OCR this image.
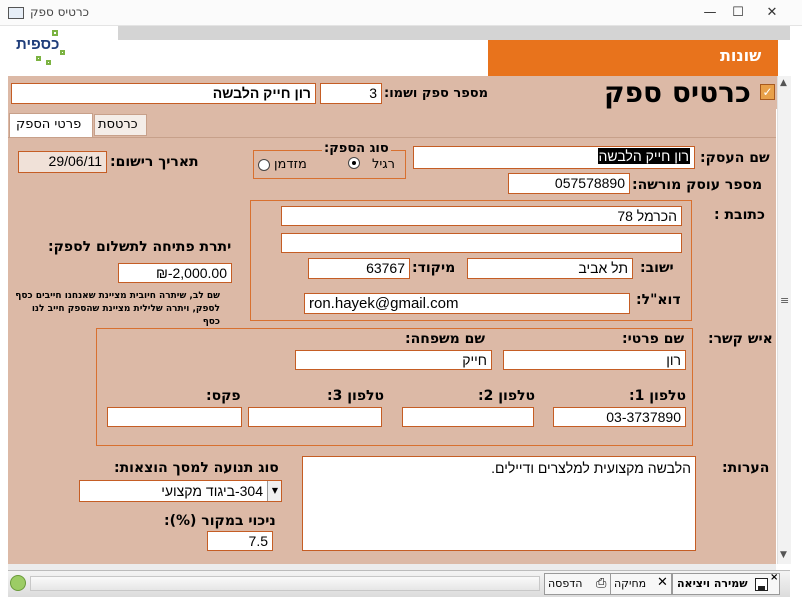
כרטיס ספק	—	☐	✕
כספית
שונות
▲
≡
▼
✓
כרטיס ספק
מספר ספק ושמו:
3
רון חייק הלבשה
פרטי הספק כרטסת
שם העסק:
רון חייק הלבשה
מספר עוסק מורשה:
057578890
סוג הספק:
רגיל
מזדמן
תאריך רישום:
29/06/11
כתובת :
הכרמל 78
ישוב:
תל אביב
מיקוד:
63767
דוא"ל:
ron.hayek@gmail.com
יתרת פתיחה לתשלום לספק:
₪-2,000.00
שם לב, שיתרה חיובית מציינת שאנחנו חייבים כסף לספק, ויתרה שלילית מציינת שהספק חייב לנו כסף
איש קשר:
שם פרטי:
רון
שם משפחה:
חייק
טלפון 1:
03-3737890
טלפון 2:
טלפון 3:
פקס:
הערות:
הלבשה מקצועית למלצרים ודיילים.
סוג תנועה למסך הוצאות:
304-ביגוד מקצועי	▼
ניכוי במקור (%):
7.5
הדפסה ⎙ מחיקה ✕ שמירה ויציאה ×
